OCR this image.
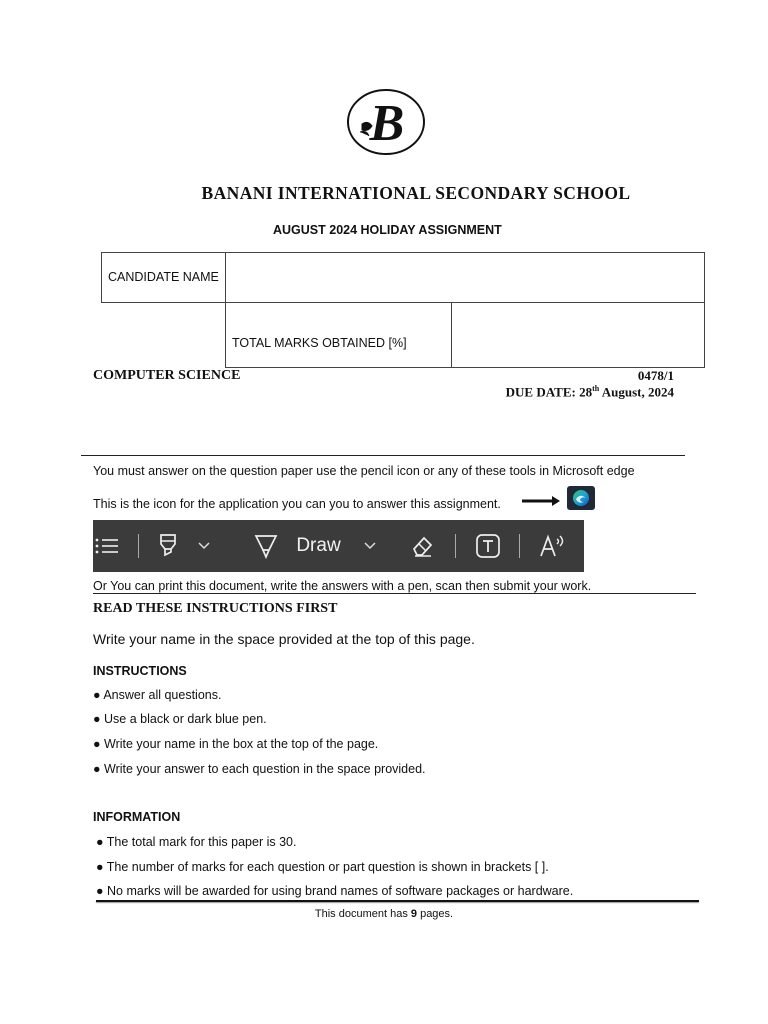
B
BANANI INTERNATIONAL SECONDARY SCHOOL
AUGUST 2024 HOLIDAY ASSIGNMENT
CANDIDATE NAME
TOTAL MARKS OBTAINED [%]
COMPUTER SCIENCE	0478/1
DUE DATE: 28th August, 2024
You must answer on the question paper use the pencil icon or any of these tools in Microsoft edge
This is the icon for the application you can you to answer this assignment.
Draw
Or You can print this document, write the answers with a pen, scan then submit your work.
READ THESE INSTRUCTIONS FIRST
Write your name in the space provided at the top of this page.
INSTRUCTIONS
● Answer all questions.
● Use a black or dark blue pen.
● Write your name in the box at the top of the page.
● Write your answer to each question in the space provided.
INFORMATION
● The total mark for this paper is 30.
● The number of marks for each question or part question is shown in brackets [ ].
● No marks will be awarded for using brand names of software packages or hardware.
This document has 9 pages.
